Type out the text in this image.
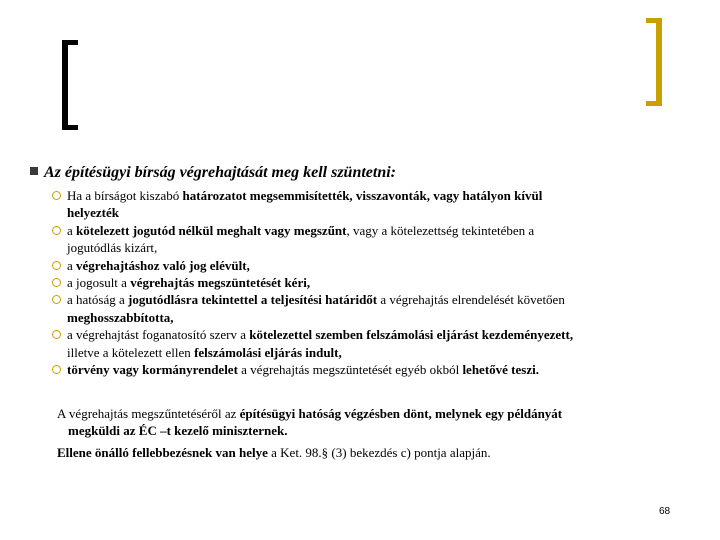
Az építésügyi bírság végrehajtását meg kell szüntetni:
Ha a bírságot kiszabó határozatot megsemmisítették, visszavonták, vagy hatályon kívül
helyezték
a kötelezett jogutód nélkül meghalt vagy megszűnt, vagy a kötelezettség tekintetében a
jogutódlás kizárt,
a végrehajtáshoz való jog elévült,
a jogosult a végrehajtás megszüntetését kéri,
a hatóság a jogutódlásra tekintettel a teljesítési határidőt a végrehajtás elrendelését követően
meghosszabbította,
a végrehajtást foganatosító szerv a kötelezettel szemben felszámolási eljárást kezdeményezett,
illetve a kötelezett ellen felszámolási eljárás indult,
törvény vagy kormányrendelet a végrehajtás megszüntetését egyéb okból lehetővé teszi.
A végrehajtás megszűntetéséről az építésügyi hatóság végzésben dönt, melynek egy példányát
megküldi az ÉC –t kezelő miniszternek.
Ellene önálló fellebbezésnek van helye a Ket. 98.§ (3) bekezdés c) pontja alapján.
68
